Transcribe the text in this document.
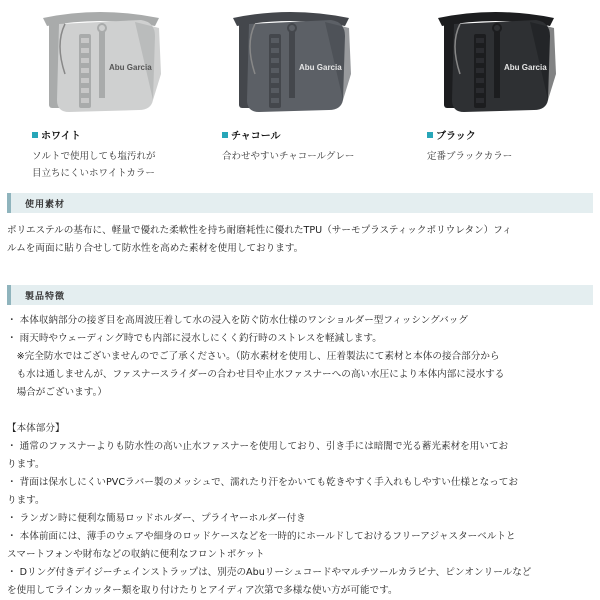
Abu Garcia
ホワイト
ソルトで使用しても塩汚れが
目立ちにくいホワイトカラー
Abu Garcia
チャコール
合わせやすいチャコールグレー
Abu Garcia
ブラック
定番ブラックカラー
使用素材
ポリエステルの基布に、軽量で優れた柔軟性を持ち耐磨耗性に優れたTPU（サーモプラスティックポリウレタン）フィ
ルムを両面に貼り合せして防水性を高めた素材を使用しております。
製品特徴
・ 本体収納部分の接ぎ目を高周波圧着して水の浸入を防ぐ防水仕様のワンショルダー型フィッシングバッグ
・ 雨天時やウェーディング時でも内部に浸水しにくく釣行時のストレスを軽減します。
　※完全防水ではございませんのでご了承ください。（防水素材を使用し、圧着製法にて素材と本体の接合部分から
　も水は通しませんが、ファスナースライダーの合わせ目や止水ファスナーへの高い水圧により本体内部に浸水する
　場合がございます。）
【本体部分】
・ 通常のファスナーよりも防水性の高い止水ファスナーを使用しており、引き手には暗闇で光る蓄光素材を用いてお
ります。
・ 背面は保水しにくいPVCラバー製のメッシュで、濡れたり汗をかいても乾きやすく手入れもしやすい仕様となってお
ります。
・ ランガン時に便利な簡易ロッドホルダー、プライヤーホルダー付き
・ 本体前面には、薄手のウェアや細身のロッドケースなどを一時的にホールドしておけるフリーアジャスターベルトと
スマートフォンや財布などの収納に便利なフロントポケット
・ Dリング付きデイジーチェインストラップは、別売のAbuリーシュコードやマルチツールカラビナ、ピンオンリールなど
を使用してラインカッター類を取り付けたりとアイディア次第で多様な使い方が可能です。
